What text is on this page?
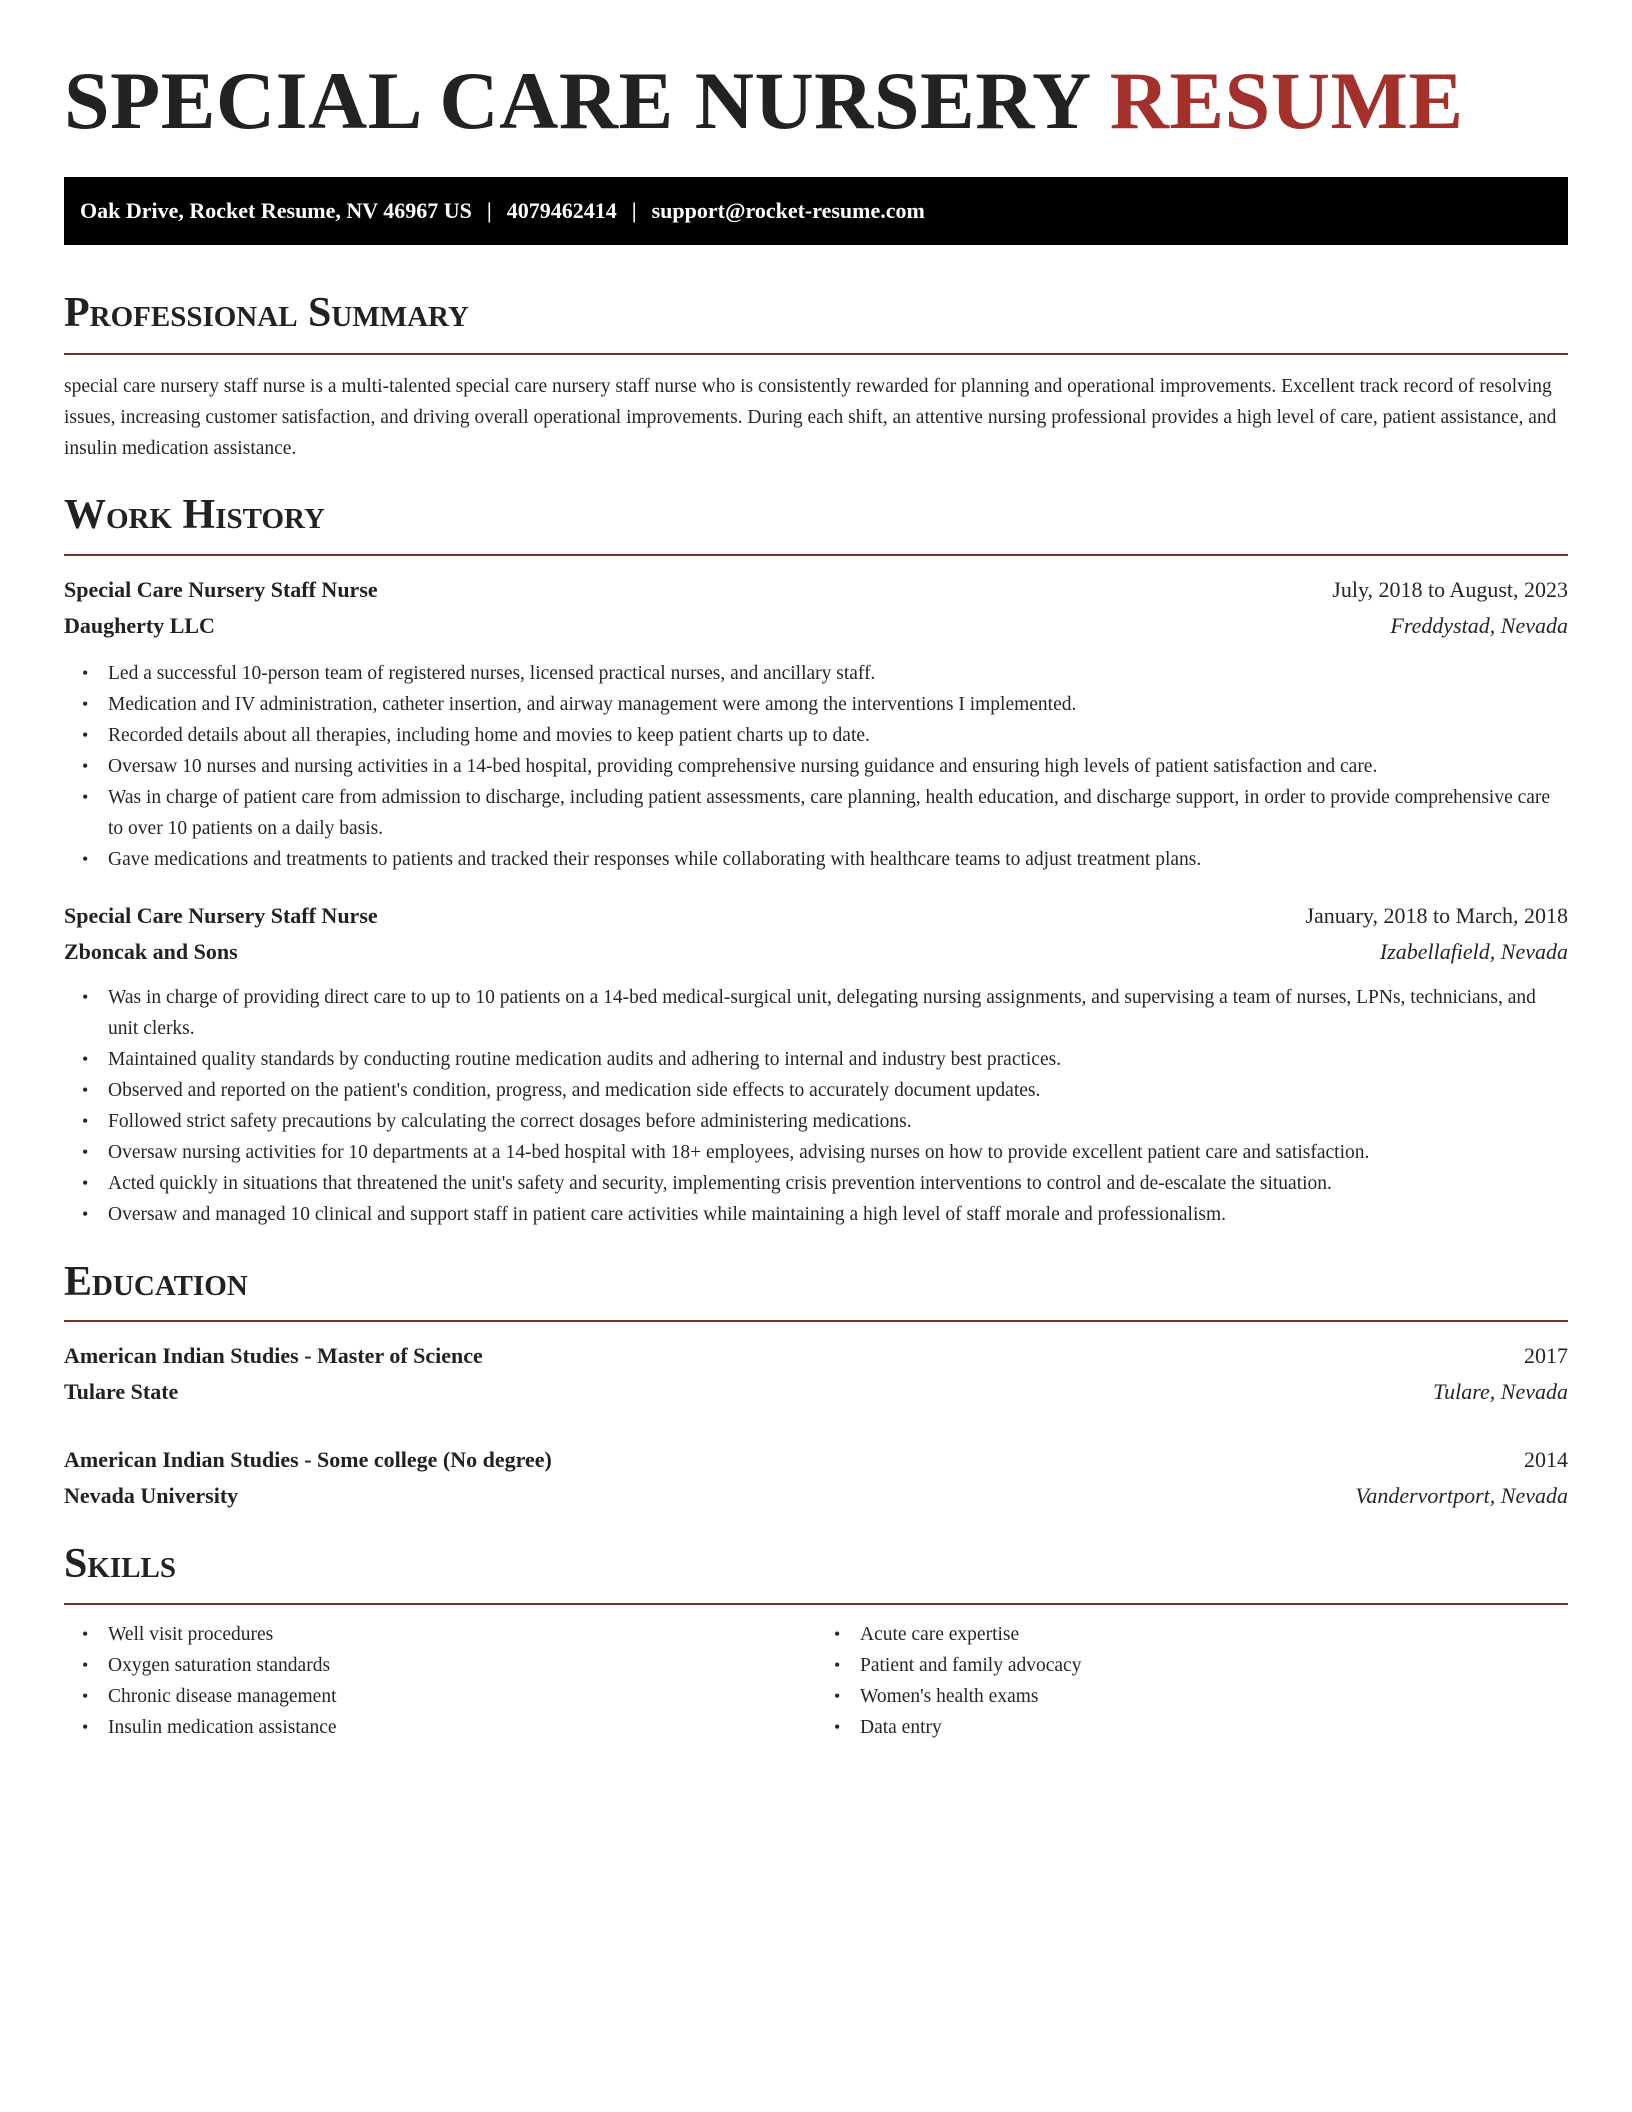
SPECIAL CARE NURSERY RESUME
Oak Drive, Rocket Resume, NV 46967 US | 4079462414 | support@rocket-resume.com
Professional Summary
special care nursery staff nurse is a multi-talented special care nursery staff nurse who is consistently rewarded for planning and operational improvements. Excellent track record of resolving issues, increasing customer satisfaction, and driving overall operational improvements. During each shift, an attentive nursing professional provides a high level of care, patient assistance, and insulin medication assistance.
Work History
Special Care Nursery Staff Nurse	July, 2018 to August, 2023
Daugherty LLC	Freddystad, Nevada
• Led a successful 10-person team of registered nurses, licensed practical nurses, and ancillary staff.
• Medication and IV administration, catheter insertion, and airway management were among the interventions I implemented.
• Recorded details about all therapies, including home and movies to keep patient charts up to date.
• Oversaw 10 nurses and nursing activities in a 14-bed hospital, providing comprehensive nursing guidance and ensuring high levels of patient satisfaction and care.
• Was in charge of patient care from admission to discharge, including patient assessments, care planning, health education, and discharge support, in order to provide comprehensive care to over 10 patients on a daily basis.
• Gave medications and treatments to patients and tracked their responses while collaborating with healthcare teams to adjust treatment plans.
Special Care Nursery Staff Nurse	January, 2018 to March, 2018
Zboncak and Sons	Izabellafield, Nevada
• Was in charge of providing direct care to up to 10 patients on a 14-bed medical-surgical unit, delegating nursing assignments, and supervising a team of nurses, LPNs, technicians, and unit clerks.
• Maintained quality standards by conducting routine medication audits and adhering to internal and industry best practices.
• Observed and reported on the patient's condition, progress, and medication side effects to accurately document updates.
• Followed strict safety precautions by calculating the correct dosages before administering medications.
• Oversaw nursing activities for 10 departments at a 14-bed hospital with 18+ employees, advising nurses on how to provide excellent patient care and satisfaction.
• Acted quickly in situations that threatened the unit's safety and security, implementing crisis prevention interventions to control and de-escalate the situation.
• Oversaw and managed 10 clinical and support staff in patient care activities while maintaining a high level of staff morale and professionalism.
Education
American Indian Studies - Master of Science	2017
Tulare State	Tulare, Nevada
American Indian Studies - Some college (No degree)	2014
Nevada University	Vandervortport, Nevada
Skills
• Well visit procedures
• Oxygen saturation standards
• Chronic disease management
• Insulin medication assistance
• Acute care expertise
• Patient and family advocacy
• Women's health exams
• Data entry
